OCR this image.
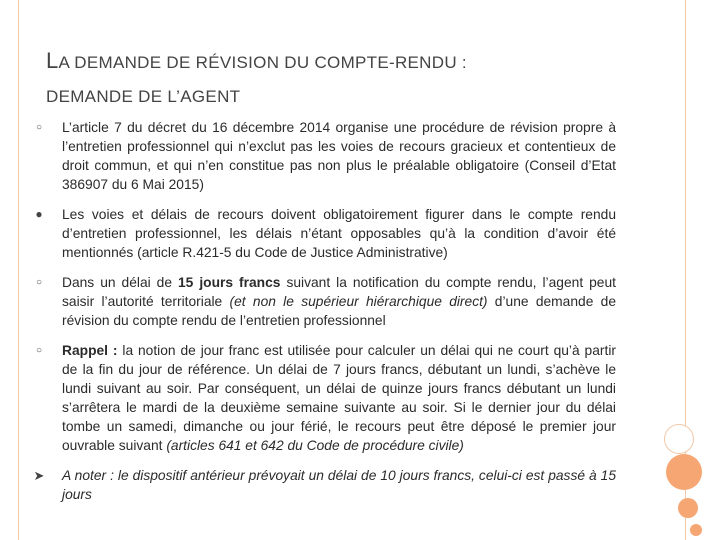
LA DEMANDE DE RÉVISION DU COMPTE-RENDU :
DEMANDE DE L’AGENT
○ L’article 7 du décret du 16 décembre 2014 organise une procédure de révision propre à l’entretien professionnel qui n’exclut pas les voies de recours gracieux et contentieux de droit commun, et qui n’en constitue pas non plus le préalable obligatoire (Conseil d’Etat 386907 du 6 Mai 2015)
● Les voies et délais de recours doivent obligatoirement figurer dans le compte rendu d’entretien professionnel, les délais n’étant opposables qu’à la condition d’avoir été mentionnés (article R.421-5 du Code de Justice Administrative)
○ Dans un délai de 15 jours francs suivant la notification du compte rendu, l’agent peut saisir l’autorité territoriale (et non le supérieur hiérarchique direct) d’une demande de révision du compte rendu de l’entretien professionnel
○ Rappel : la notion de jour franc est utilisée pour calculer un délai qui ne court qu’à partir de la fin du jour de référence. Un délai de 7 jours francs, débutant un lundi, s’achève le lundi suivant au soir. Par conséquent, un délai de quinze jours francs débutant un lundi s’arrêtera le mardi de la deuxième semaine suivante au soir. Si le dernier jour du délai tombe un samedi, dimanche ou jour férié, le recours peut être déposé le premier jour ouvrable suivant (articles 641 et 642 du Code de procédure civile)
➤ A noter : le dispositif antérieur prévoyait un délai de 10 jours francs, celui-ci est passé à 15 jours
